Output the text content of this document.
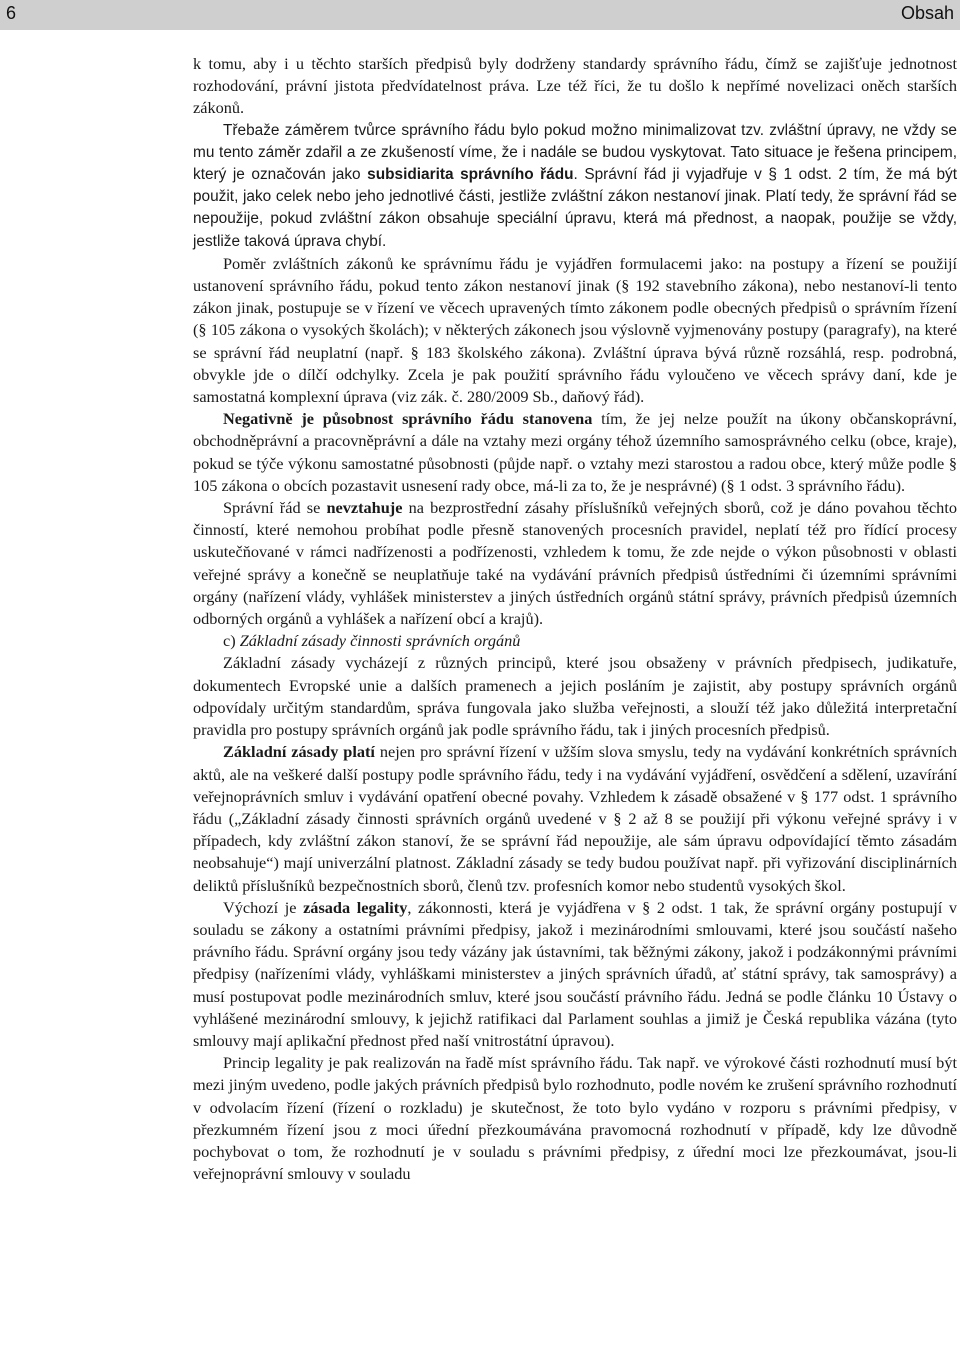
6	Obsah

k tomu, aby i u těchto starších předpisů byly dodrženy standardy správního řádu, čímž se zajišťuje jednotnost rozhodování, právní jistota předvídatelnost práva. Lze též říci, že tu došlo k nepřímé novelizaci oněch starších zákonů.

Třebaže záměrem tvůrce správního řádu bylo pokud možno minimalizovat tzv. zvláštní úpravy, ne vždy se mu tento záměr zdařil a ze zkušeností víme, že i nadále se budou vyskytovat. Tato situace je řešena principem, který je označován jako subsidiarita správního řádu. Správní řád ji vyjadřuje v § 1 odst. 2 tím, že má být použit, jako celek nebo jeho jednotlivé části, jestliže zvláštní zákon nestanoví jinak. Platí tedy, že správní řád se nepoužije, pokud zvláštní zákon obsahuje speciální úpravu, která má přednost, a naopak, použije se vždy, jestliže taková úprava chybí.

Poměr zvláštních zákonů ke správnímu řádu je vyjádřen formulacemi jako: na postupy a řízení se použijí ustanovení správního řádu, pokud tento zákon nestanoví jinak (§ 192 stavebního zákona), nebo nestanoví-li tento zákon jinak, postupuje se v řízení ve věcech upravených tímto zákonem podle obecných předpisů o správním řízení (§ 105 zákona o vysokých školách); v některých zákonech jsou výslovně vyjmenovány postupy (paragrafy), na které se správní řád neuplatní (např. § 183 školského zákona). Zvláštní úprava bývá různě rozsáhlá, resp. podrobná, obvykle jde o dílčí odchylky. Zcela je pak použití správního řádu vyloučeno ve věcech správy daní, kde je samostatná komplexní úprava (viz zák. č. 280/2009 Sb., daňový řád).

Negativně je působnost správního řádu stanovena tím, že jej nelze použít na úkony občanskoprávní, obchodněprávní a pracovněprávní a dále na vztahy mezi orgány téhož územního samosprávného celku (obce, kraje), pokud se týče výkonu samostatné působnosti (půjde např. o vztahy mezi starostou a radou obce, který může podle § 105 zákona o obcích pozastavit usnesení rady obce, má-li za to, že je nesprávné) (§ 1 odst. 3 správního řádu).

Správní řád se nevztahuje na bezprostřední zásahy příslušníků veřejných sborů, což je dáno povahou těchto činností, které nemohou probíhat podle přesně stanovených procesních pravidel, neplatí též pro řídící procesy uskutečňované v rámci nadřízenosti a podřízenosti, vzhledem k tomu, že zde nejde o výkon působnosti v oblasti veřejné správy a konečně se neuplatňuje také na vydávání právních předpisů ústředními či územními správními orgány (nařízení vlády, vyhlášek ministerstev a jiných ústředních orgánů státní správy, právních předpisů územních odborných orgánů a vyhlášek a nařízení obcí a krajů).

c) Základní zásady činnosti správních orgánů

Základní zásady vycházejí z různých principů, které jsou obsaženy v právních předpisech, judikatuře, dokumentech Evropské unie a dalších pramenech a jejich posláním je zajistit, aby postupy správních orgánů odpovídaly určitým standardům, správa fungovala jako služba veřejnosti, a slouží též jako důležitá interpretační pravidla pro postupy správních orgánů jak podle správního řádu, tak i jiných procesních předpisů.

Základní zásady platí nejen pro správní řízení v užším slova smyslu, tedy na vydávání konkrétních správních aktů, ale na veškeré další postupy podle správního řádu, tedy i na vydávání vyjádření, osvědčení a sdělení, uzavírání veřejnoprávních smluv i vydávání opatření obecné povahy. Vzhledem k zásadě obsažené v § 177 odst. 1 správního řádu („Základní zásady činnosti správních orgánů uvedené v § 2 až 8 se použijí při výkonu veřejné správy i v případech, kdy zvláštní zákon stanoví, že se správní řád nepoužije, ale sám úpravu odpovídající těmto zásadám neobsahuje“) mají univerzální platnost. Základní zásady se tedy budou používat např. při vyřizování disciplinárních deliktů příslušníků bezpečnostních sborů, členů tzv. profesních komor nebo studentů vysokých škol.

Výchozí je zásada legality, zákonnosti, která je vyjádřena v § 2 odst. 1 tak, že správní orgány postupují v souladu se zákony a ostatními právními předpisy, jakož i mezinárodními smlouvami, které jsou součástí našeho právního řádu. Správní orgány jsou tedy vázány jak ústavními, tak běžnými zákony, jakož i podzákonnými právními předpisy (nařízeními vlády, vyhláškami ministerstev a jiných správních úřadů, ať státní správy, tak samosprávy) a musí postupovat podle mezinárodních smluv, které jsou součástí právního řádu. Jedná se podle článku 10 Ústavy o vyhlášené mezinárodní smlouvy, k jejichž ratifikaci dal Parlament souhlas a jimiž je Česká republika vázána (tyto smlouvy mají aplikační přednost před naší vnitrostátní úpravou).

Princip legality je pak realizován na řadě míst správního řádu. Tak např. ve výrokové části rozhodnutí musí být mezi jiným uvedeno, podle jakých právních předpisů bylo rozhodnuto, podle novém ke zrušení správního rozhodnutí v odvolacím řízení (řízení o rozkladu) je skutečnost, že toto bylo vydáno v rozporu s právními předpisy, v přezkumném řízení jsou z moci úřední přezkoumávána pravomocná rozhodnutí v případě, kdy lze důvodně pochybovat o tom, že rozhodnutí je v souladu s právními předpisy, z úřední moci lze přezkoumávat, jsou-li veřejnoprávní smlouvy v souladu
